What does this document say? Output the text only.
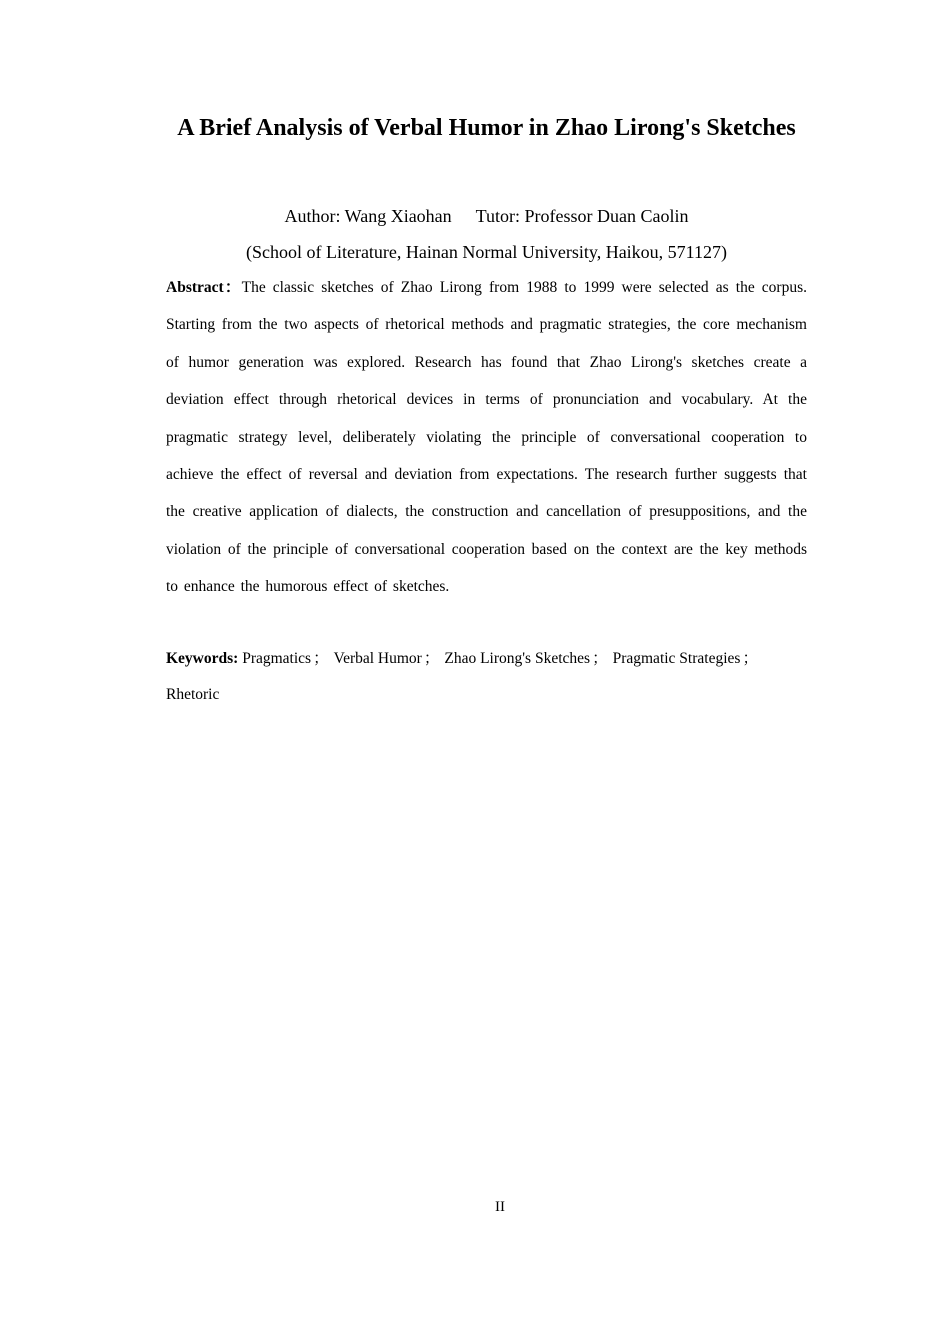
A Brief Analysis of Verbal Humor in Zhao Lirong's Sketches
Author: Wang Xiaohan Tutor: Professor Duan Caolin
(School of Literature, Hainan Normal University, Haikou, 571127)

Abstract：The classic sketches of Zhao Lirong from 1988 to 1999 were selected as the corpus. Starting from the two aspects of rhetorical methods and pragmatic strategies, the core mechanism of humor generation was explored. Research has found that Zhao Lirong's sketches create a deviation effect through rhetorical devices in terms of pronunciation and vocabulary. At the pragmatic strategy level, deliberately violating the principle of conversational cooperation to achieve the effect of reversal and deviation from expectations. The research further suggests that the creative application of dialects, the construction and cancellation of presuppositions, and the violation of the principle of conversational cooperation based on the context are the key methods to enhance the humorous effect of sketches.

Keywords: Pragmatics ； Verbal Humor ； Zhao Lirong's Sketches ； Pragmatic Strategies ；
Rhetoric

II
